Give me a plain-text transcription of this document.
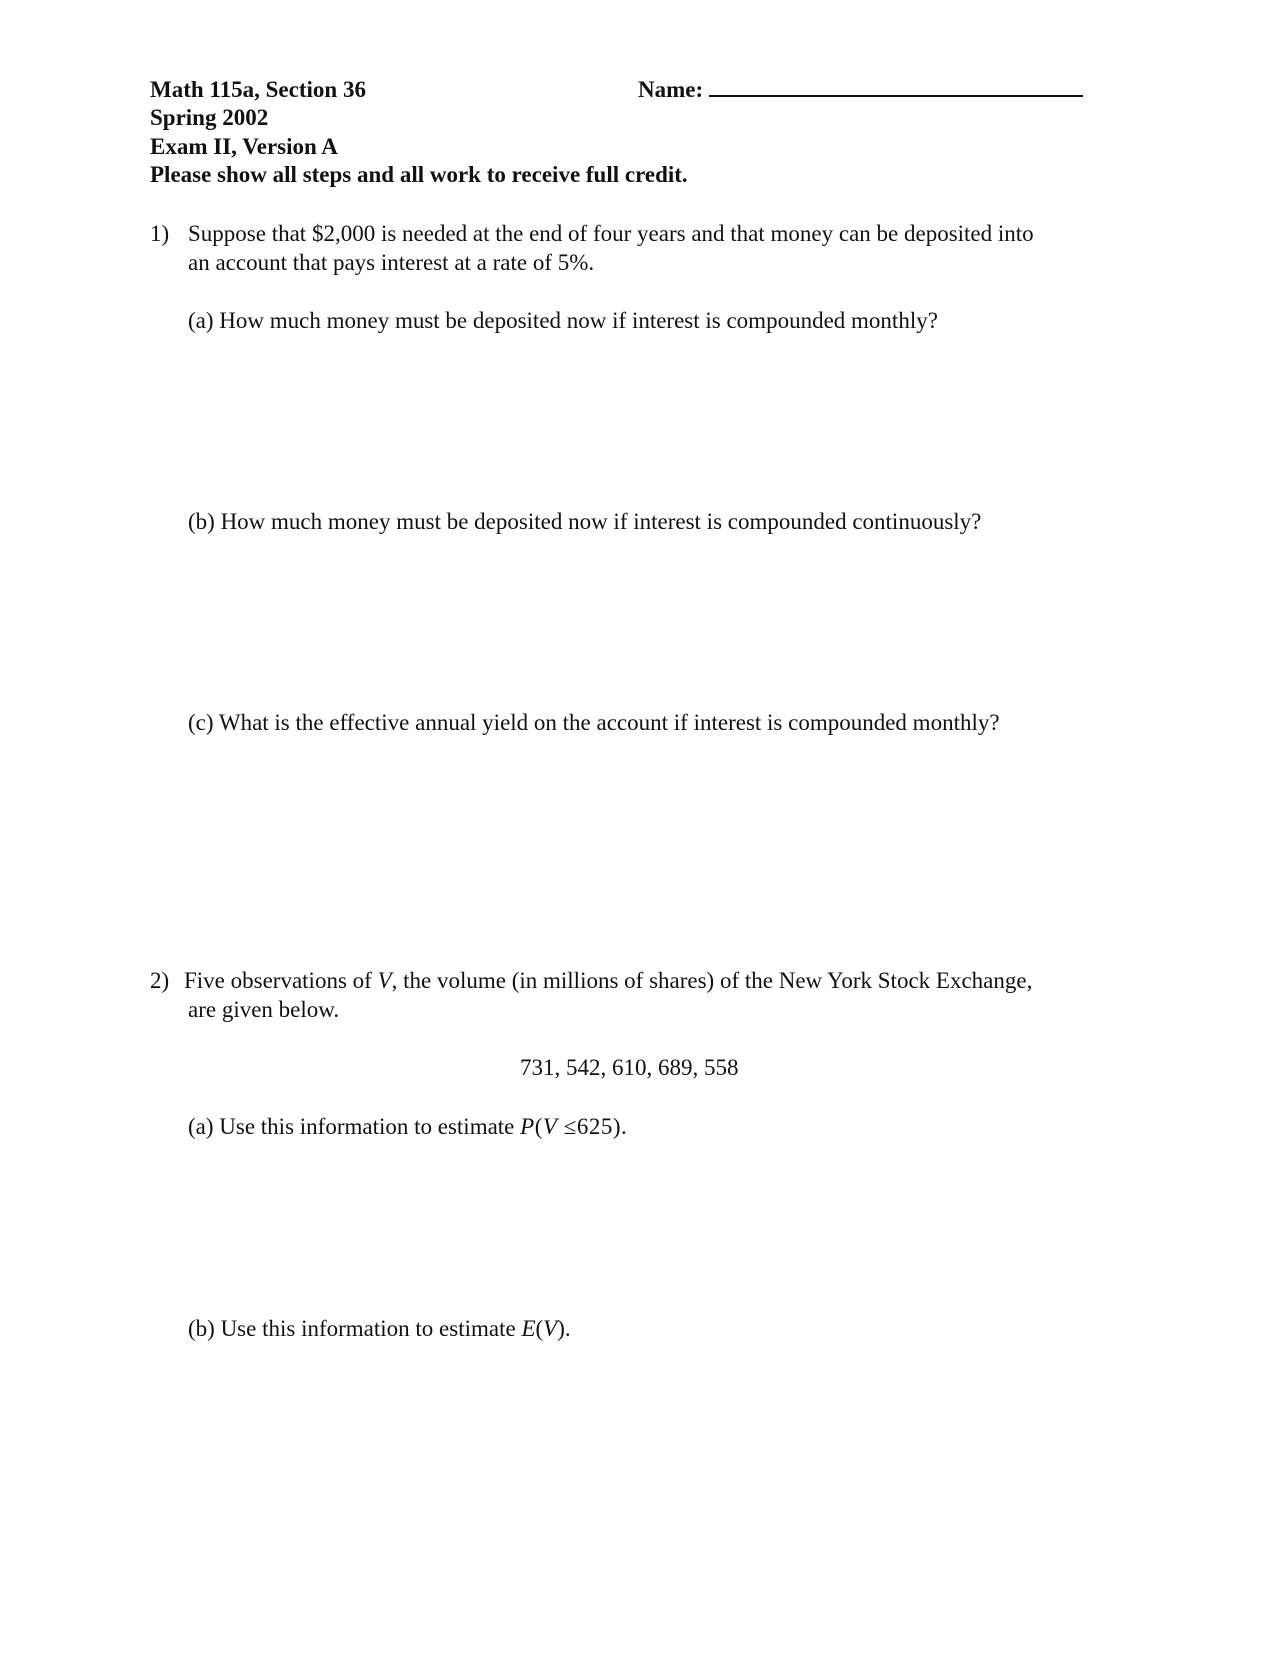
Math 115a, Section 36
Spring 2002
Exam II, Version A
Please show all steps and all work to receive full credit.
Name:
1) Suppose that $2,000 is needed at the end of four years and that money can be deposited into
an account that pays interest at a rate of 5%.
(a) How much money must be deposited now if interest is compounded monthly?
(b) How much money must be deposited now if interest is compounded continuously?
(c) What is the effective annual yield on the account if interest is compounded monthly?
2) Five observations of V, the volume (in millions of shares) of the New York Stock Exchange,
are given below.
731, 542, 610, 689, 558
(a) Use this information to estimate P(V ≤625).
(b) Use this information to estimate E(V).
